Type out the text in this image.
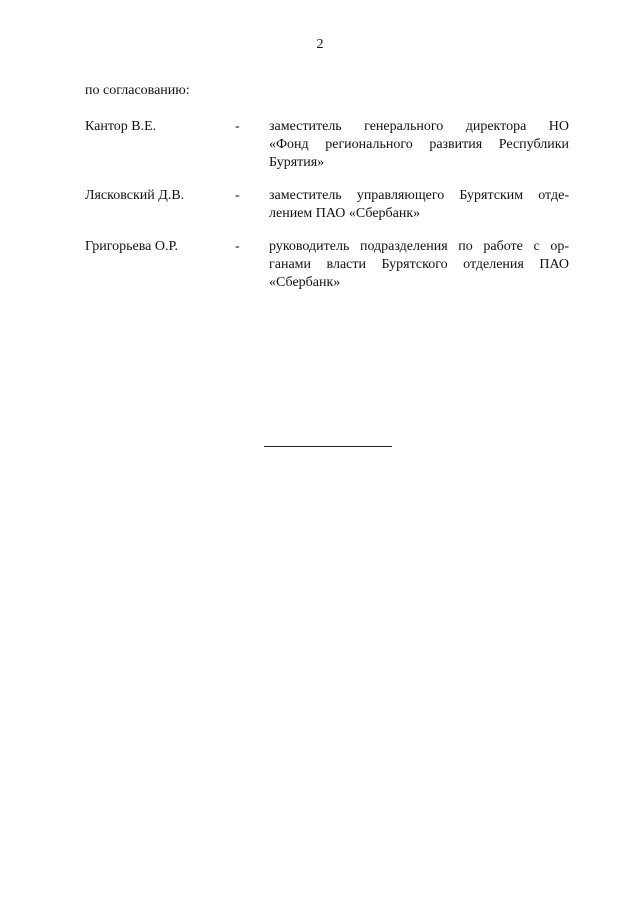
2
по согласованию:
Кантор В.Е.	- заместитель генерального директора НО
«Фонд регионального развития Республики
Бурятия»
Лясковский Д.В.	- заместитель управляющего Бурятским отде-
лением ПАО «Сбербанк»
Григорьева О.Р.	- руководитель подразделения по работе с ор-
ганами власти Бурятского отделения ПАО
«Сбербанк»
